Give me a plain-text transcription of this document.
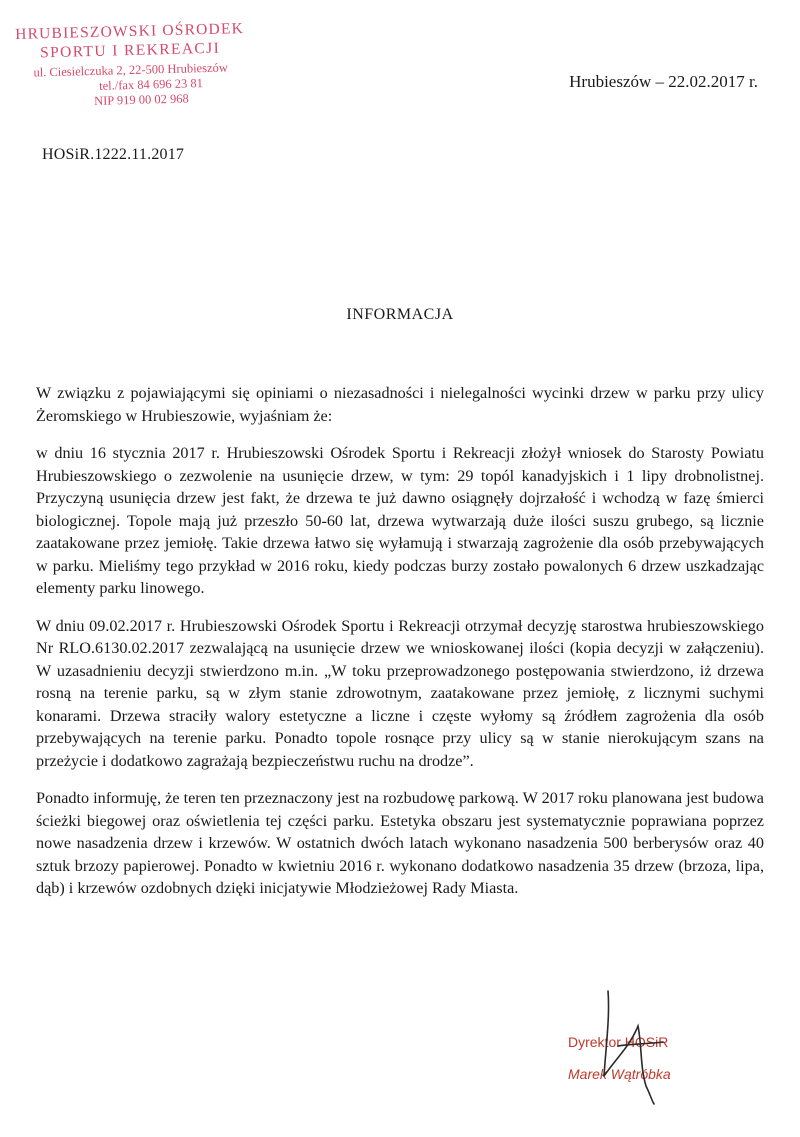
HRUBIESZOWSKI OŚRODEK
SPORTU I REKREACJI
ul. Ciesielczuka 2, 22-500 Hrubieszów
tel./fax 84 696 23 81
NIP 919 00 02 968
Hrubieszów – 22.02.2017 r.
HOSiR.1222.11.2017
INFORMACJA

W związku z pojawiającymi się opiniami o niezasadności i nielegalności wycinki drzew w parku przy ulicy Żeromskiego w Hrubieszowie, wyjaśniam że:

w dniu 16 stycznia 2017 r. Hrubieszowski Ośrodek Sportu i Rekreacji złożył wniosek do Starosty Powiatu Hrubieszowskiego o zezwolenie na usunięcie drzew, w tym: 29 topól kanadyjskich i 1 lipy drobnolistnej. Przyczyną usunięcia drzew jest fakt, że drzewa te już dawno osiągnęły dojrzałość i wchodzą w fazę śmierci biologicznej. Topole mają już przeszło 50-60 lat, drzewa wytwarzają duże ilości suszu grubego, są licznie zaatakowane przez jemiołę. Takie drzewa łatwo się wyłamują i stwarzają zagrożenie dla osób przebywających w parku. Mieliśmy tego przykład w 2016 roku, kiedy podczas burzy zostało powalonych 6 drzew uszkadzając elementy parku linowego.

W dniu 09.02.2017 r. Hrubieszowski Ośrodek Sportu i Rekreacji otrzymał decyzję starostwa hrubieszowskiego Nr RLO.6130.02.2017 zezwalającą na usunięcie drzew we wnioskowanej ilości (kopia decyzji w załączeniu). W uzasadnieniu decyzji stwierdzono m.in. „W toku przeprowadzonego postępowania stwierdzono, iż drzewa rosną na terenie parku, są w złym stanie zdrowotnym, zaatakowane przez jemiołę, z licznymi suchymi konarami. Drzewa straciły walory estetyczne a liczne i częste wyłomy są źródłem zagrożenia dla osób przebywających na terenie parku. Ponadto topole rosnące przy ulicy są w stanie nierokującym szans na przeżycie i dodatkowo zagrażają bezpieczeństwu ruchu na drodze”.

Ponadto informuję, że teren ten przeznaczony jest na rozbudowę parkową. W 2017 roku planowana jest budowa ścieżki biegowej oraz oświetlenia tej części parku. Estetyka obszaru jest systematycznie poprawiana poprzez nowe nasadzenia drzew i krzewów. W ostatnich dwóch latach wykonano nasadzenia 500 berberysów oraz 40 sztuk brzozy papierowej. Ponadto w kwietniu 2016 r. wykonano dodatkowo nasadzenia 35 drzew (brzoza, lipa, dąb) i krzewów ozdobnych dzięki inicjatywie Młodzieżowej Rady Miasta.

Dyrektor HOSiR
Marek Wątróbka
